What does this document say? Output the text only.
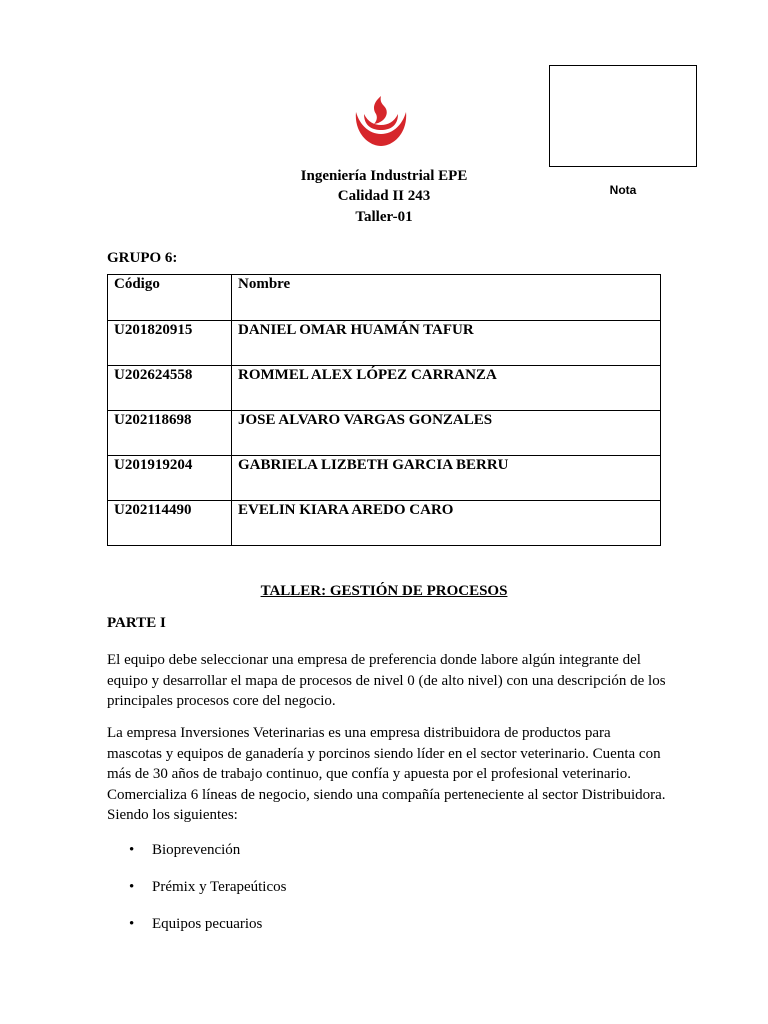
Nota
Ingeniería Industrial EPE
Calidad II 243
Taller-01
GRUPO 6:
Código	Nombre
U201820915	DANIEL OMAR HUAMÁN TAFUR
U202624558	ROMMEL ALEX LÓPEZ CARRANZA
U202118698	JOSE ALVARO VARGAS GONZALES
U201919204	GABRIELA LIZBETH GARCIA BERRU
U202114490	EVELIN KIARA AREDO CARO
TALLER: GESTIÓN DE PROCESOS
PARTE I

El equipo debe seleccionar una empresa de preferencia donde labore algún integrante del equipo y desarrollar el mapa de procesos de nivel 0 (de alto nivel) con una descripción de los principales procesos core del negocio.

La empresa Inversiones Veterinarias es una empresa distribuidora de productos para mascotas y equipos de ganadería y porcinos siendo líder en el sector veterinario. Cuenta con más de 30 años de trabajo continuo, que confía y apuesta por el profesional veterinario. Comercializa 6 líneas de negocio, siendo una compañía perteneciente al sector Distribuidora. Siendo los siguientes:

• Bioprevención
• Prémix y Terapeúticos
• Equipos pecuarios
